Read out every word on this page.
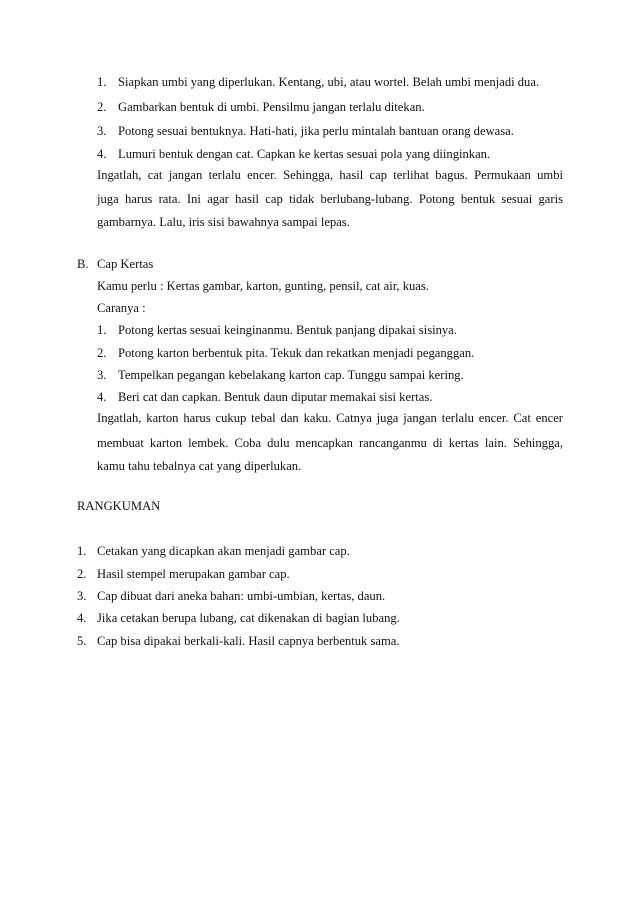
1. Siapkan umbi yang diperlukan. Kentang, ubi, atau wortel. Belah umbi menjadi dua.
2. Gambarkan bentuk di umbi. Pensilmu jangan terlalu ditekan.
3. Potong sesuai bentuknya. Hati-hati, jika perlu mintalah bantuan orang dewasa.
4. Lumuri bentuk dengan cat. Capkan ke kertas sesuai pola yang diinginkan.
Ingatlah, cat jangan terlalu encer. Sehingga, hasil cap terlihat bagus. Permukaan umbi
juga harus rata. Ini agar hasil cap tidak berlubang-lubang. Potong bentuk sesuai garis
gambarnya. Lalu, iris sisi bawahnya sampai lepas.
B. Cap Kertas
Kamu perlu : Kertas gambar, karton, gunting, pensil, cat air, kuas.
Caranya :
1. Potong kertas sesuai keinginanmu. Bentuk panjang dipakai sisinya.
2. Potong karton berbentuk pita. Tekuk dan rekatkan menjadi peganggan.
3. Tempelkan pegangan kebelakang karton cap. Tunggu sampai kering.
4. Beri cat dan capkan. Bentuk daun diputar memakai sisi kertas.
Ingatlah, karton harus cukup tebal dan kaku. Catnya juga jangan terlalu encer. Cat encer
membuat karton lembek. Coba dulu mencapkan rancanganmu di kertas lain. Sehingga,
kamu tahu tebalnya cat yang diperlukan.
RANGKUMAN
1. Cetakan yang dicapkan akan menjadi gambar cap.
2. Hasil stempel merupakan gambar cap.
3. Cap dibuat dari aneka bahan: umbi-umbian, kertas, daun.
4. Jika cetakan berupa lubang, cat dikenakan di bagian lubang.
5. Cap bisa dipakai berkali-kali. Hasil capnya berbentuk sama.
